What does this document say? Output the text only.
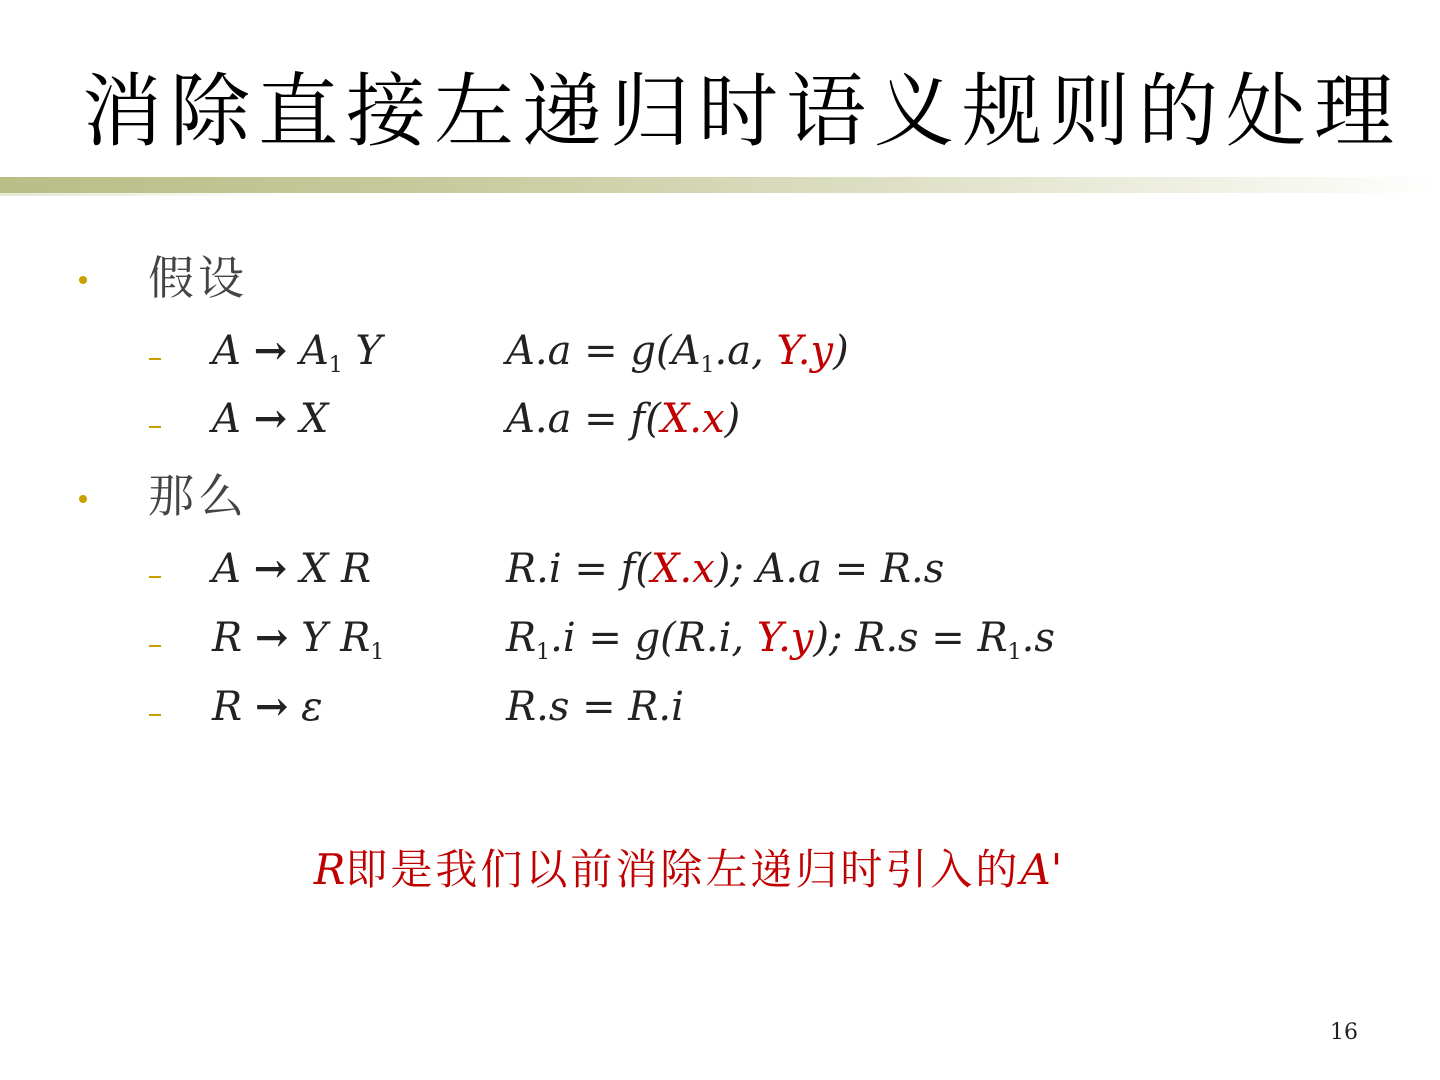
消除直接左递归时语义规则的处理
假设
$A \to A_1$ Y	$A.a = g(A_1.a$, Y.y)
A → X	A.a = f(X.x)
那么
A → X R	R.i = f(X.x); A.a = R.s
R → Y $R_1$	$R_1.i = g(R.i$, Y.y); $R.s = R_1.s$
R → ε	R.s = R.i
R即是我们以前消除左递归时引入的A'
16
